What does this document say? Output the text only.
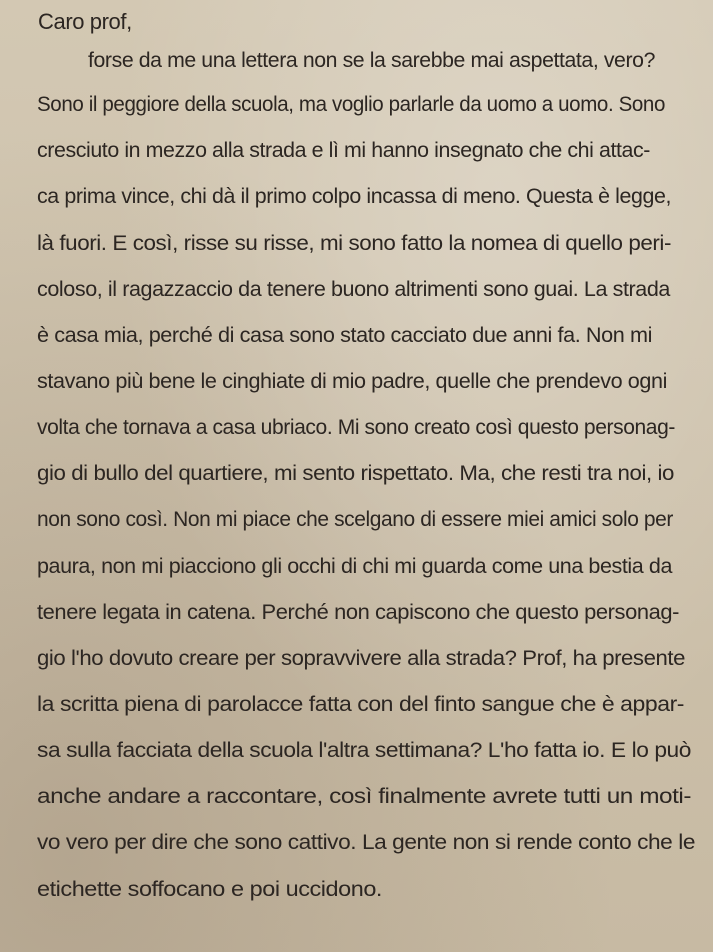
Caro prof,
forse da me una lettera non se la sarebbe mai aspettata, vero?
Sono il peggiore della scuola, ma voglio parlarle da uomo a uomo. Sono
cresciuto in mezzo alla strada e lì mi hanno insegnato che chi attac-
ca prima vince, chi dà il primo colpo incassa di meno. Questa è legge,
là fuori. E così, risse su risse, mi sono fatto la nomea di quello peri-
coloso, il ragazzaccio da tenere buono altrimenti sono guai. La strada
è casa mia, perché di casa sono stato cacciato due anni fa. Non mi
stavano più bene le cinghiate di mio padre, quelle che prendevo ogni
volta che tornava a casa ubriaco. Mi sono creato così questo personag-
gio di bullo del quartiere, mi sento rispettato. Ma, che resti tra noi, io
non sono così. Non mi piace che scelgano di essere miei amici solo per
paura, non mi piacciono gli occhi di chi mi guarda come una bestia da
tenere legata in catena. Perché non capiscono che questo personag-
gio l'ho dovuto creare per sopravvivere alla strada? Prof, ha presente
la scritta piena di parolacce fatta con del finto sangue che è appar-
sa sulla facciata della scuola l'altra settimana? L'ho fatta io. E lo può
anche andare a raccontare, così finalmente avrete tutti un moti-
vo vero per dire che sono cattivo. La gente non si rende conto che le
etichette soffocano e poi uccidono.
